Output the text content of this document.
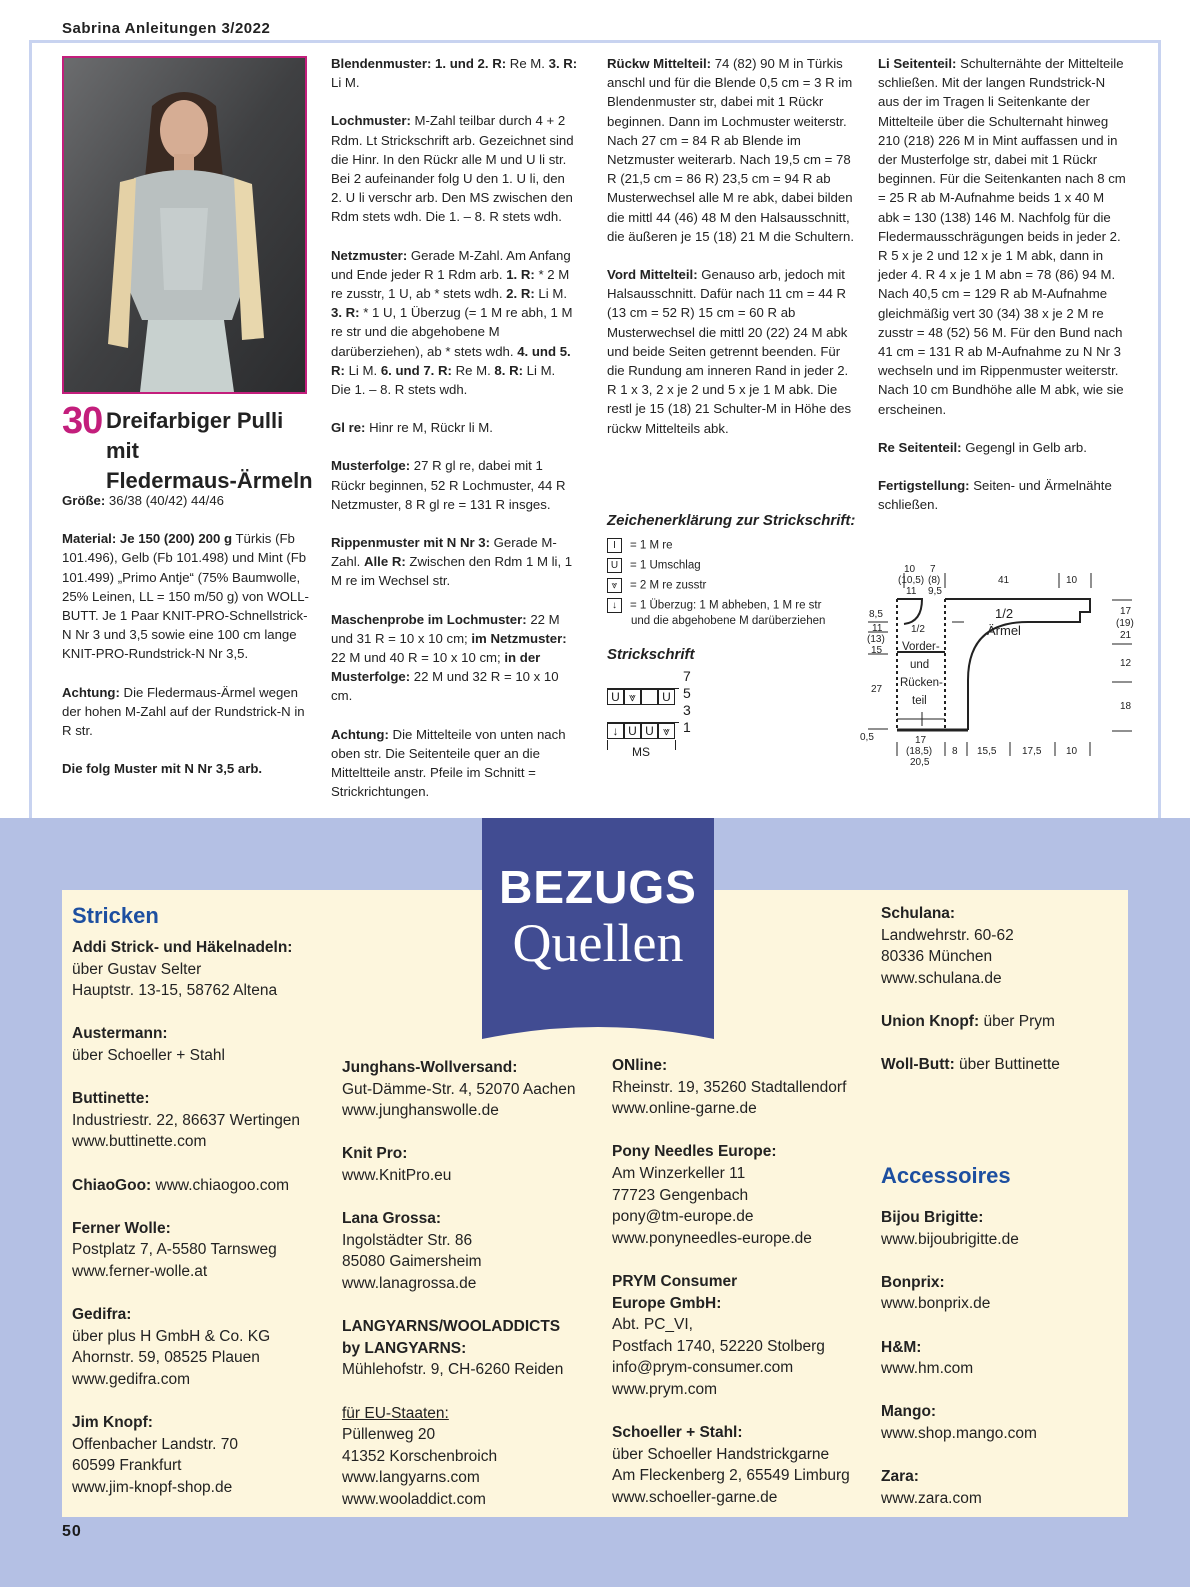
Sabrina Anleitungen 3/2022
30 Dreifarbiger Pulli mit
Fledermaus-Ärmeln

Größe: 36/38 (40/42) 44/46

Material: Je 150 (200) 200 g Türkis (Fb 101.496), Gelb (Fb 101.498) und Mint (Fb 101.499) „Primo Antje“ (75% Baumwolle, 25% Leinen, LL = 150 m/50 g) von WOLL-BUTT. Je 1 Paar KNIT-PRO-Schnellstrick-N Nr 3 und 3,5 sowie eine 100 cm lange KNIT-PRO-Rundstrick-N Nr 3,5.

Achtung: Die Fledermaus-Ärmel wegen der hohen M-Zahl auf der Rundstrick-N in R str.

Die folg Muster mit N Nr 3,5 arb.

Blendenmuster: 1. und 2. R: Re M. 3. R: Li M.

Lochmuster: M-Zahl teilbar durch 4 + 2 Rdm. Lt Strickschrift arb. Gezeichnet sind die Hinr. In den Rückr alle M und U li str. Bei 2 aufeinander folg U den 1. U li, den 2. U li verschr arb. Den MS zwischen den Rdm stets wdh. Die 1. – 8. R stets wdh.

Netzmuster: Gerade M-Zahl. Am Anfang und Ende jeder R 1 Rdm arb. 1. R: * 2 M re zusstr, 1 U, ab * stets wdh. 2. R: Li M. 3. R: * 1 U, 1 Überzug (= 1 M re abh, 1 M re str und die abgehobene M darüberziehen), ab * stets wdh. 4. und 5. R: Li M. 6. und 7. R: Re M. 8. R: Li M. Die 1. – 8. R stets wdh.

Gl re: Hinr re M, Rückr li M.

Musterfolge: 27 R gl re, dabei mit 1 Rückr beginnen, 52 R Lochmuster, 44 R Netzmuster, 8 R gl re = 131 R insges.

Rippenmuster mit N Nr 3: Gerade M-Zahl. Alle R: Zwischen den Rdm 1 M li, 1 M re im Wechsel str.

Maschenprobe im Lochmuster: 22 M und 31 R = 10 x 10 cm; im Netzmuster: 22 M und 40 R = 10 x 10 cm; in der Musterfolge: 22 M und 32 R = 10 x 10 cm.

Achtung: Die Mittelteile von unten nach oben str. Die Seitenteile quer an die Mitteltteile anstr. Pfeile im Schnitt = Strickrichtungen.

Rückw Mittelteil: 74 (82) 90 M in Türkis anschl und für die Blende 0,5 cm = 3 R im Blendenmuster str, dabei mit 1 Rückr beginnen. Dann im Lochmuster weiterstr. Nach 27 cm = 84 R ab Blende im Netzmuster weiterarb. Nach 19,5 cm = 78 R (21,5 cm = 86 R) 23,5 cm = 94 R ab Musterwechsel alle M re abk, dabei bilden die mittl 44 (46) 48 M den Halsausschnitt, die äußeren je 15 (18) 21 M die Schultern.

Vord Mittelteil: Genauso arb, jedoch mit Halsausschnitt. Dafür nach 11 cm = 44 R (13 cm = 52 R) 15 cm = 60 R ab Musterwechsel die mittl 20 (22) 24 M abk und beide Seiten getrennt beenden. Für die Rundung am inneren Rand in jeder 2. R 1 x 3, 2 x je 2 und 5 x je 1 M abk. Die restl je 15 (18) 21 Schulter-M in Höhe des rückw Mittelteils abk.

Li Seitenteil: Schulternähte der Mittelteile schließen. Mit der langen Rundstrick-N aus der im Tragen li Seitenkante der Mittelteile über die Schulternaht hinweg 210 (218) 226 M in Mint auffassen und in der Musterfolge str, dabei mit 1 Rückr beginnen. Für die Seitenkanten nach 8 cm = 25 R ab M-Aufnahme beids 1 x 40 M abk = 130 (138) 146 M. Nachfolg für die Fledermausschrägungen beids in jeder 2. R 5 x je 2 und 12 x je 1 M abk, dann in jeder 4. R 4 x je 1 M abn = 78 (86) 94 M. Nach 40,5 cm = 129 R ab M-Aufnahme gleichmäßig vert 30 (34) 38 x je 2 M re zusstr = 48 (52) 56 M. Für den Bund nach 41 cm = 131 R ab M-Aufnahme zu N Nr 3 wechseln und im Rippenmuster weiterstr. Nach 10 cm Bundhöhe alle M abk, wie sie erscheinen.

Re Seitenteil: Gegengl in Gelb arb.

Fertigstellung: Seiten- und Ärmelnähte schließen.

Zeichenerklärung zur Strickschrift:
I = 1 M re
U = 1 Umschlag
⩔ = 2 M re zusstr
↓ = 1 Überzug: 1 M abheben, 1 M re str
und die abgehobene M darüberziehen
Strickschrift
U ⩔	U
↓ U U ⩔
7
5
3
1
MS
10
(10,5)
11
7
(8)
9,5
41	10
1/2
Vorder-
und
Rücken-
teil
1/2
Ärmel
8,5
11
(13)
15
27
0,5
17
(19)
21
12
18
17
(18,5)
20,5
8 15,5	17,5 10
BEZUGS
Quellen
Stricken
Addi Strick- und Häkelnadeln:
über Gustav Selter
Hauptstr. 13-15, 58762 Altena
Austermann:
über Schoeller + Stahl
Buttinette:
Industriestr. 22, 86637 Wertingen
www.buttinette.com
ChiaoGoo: www.chiaogoo.com
Ferner Wolle:
Postplatz 7, A-5580 Tarnsweg
www.ferner-wolle.at
Gedifra:
über plus H GmbH & Co. KG
Ahornstr. 59, 08525 Plauen
www.gedifra.com
Jim Knopf:
Offenbacher Landstr. 70
60599 Frankfurt
www.jim-knopf-shop.de
Junghans-Wollversand:
Gut-Dämme-Str. 4, 52070 Aachen
www.junghanswolle.de
Knit Pro:
www.KnitPro.eu
Lana Grossa:
Ingolstädter Str. 86
85080 Gaimersheim
www.lanagrossa.de
LANGYARNS/WOOLADDICTS
by LANGYARNS:
Mühlehofstr. 9, CH-6260 Reiden
für EU-Staaten:
Püllenweg 20
41352 Korschenbroich
www.langyarns.com
www.wooladdict.com
ONline:
Rheinstr. 19, 35260 Stadtallendorf
www.online-garne.de
Pony Needles Europe:
Am Winzerkeller 11
77723 Gengenbach
pony@tm-europe.de
www.ponyneedles-europe.de
PRYM Consumer
Europe GmbH:
Abt. PC_VI,
Postfach 1740, 52220 Stolberg
info@prym-consumer.com
www.prym.com
Schoeller + Stahl:
über Schoeller Handstrickgarne
Am Fleckenberg 2, 65549 Limburg
www.schoeller-garne.de
Schulana:
Landwehrstr. 60-62
80336 München
www.schulana.de
Union Knopf: über Prym
Woll-Butt: über Buttinette
Accessoires
Bijou Brigitte:
www.bijoubrigitte.de
Bonprix:
www.bonprix.de
H&M:
www.hm.com
Mango:
www.shop.mango.com
Zara:
www.zara.com
50
